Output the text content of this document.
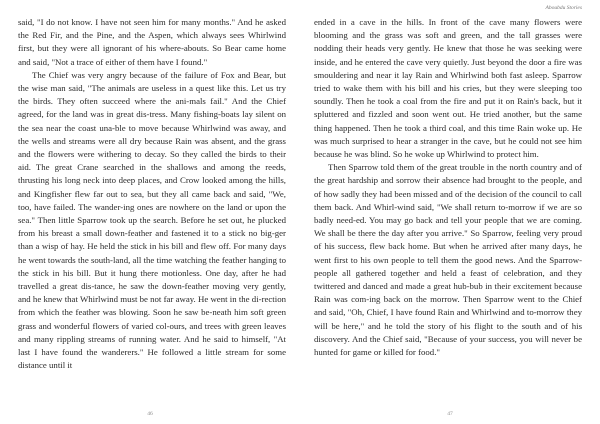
said, "I do not know. I have not seen him for many months." And he asked the Red Fir, and the Pine, and the Aspen, which always sees Whirlwind first, but they were all ignorant of his where-abouts. So Bear came home and said, "Not a trace of either of them have I found."

The Chief was very angry because of the failure of Fox and Bear, but the wise man said, "The animals are useless in a quest like this. Let us try the birds. They often succeed where the ani-mals fail." And the Chief agreed, for the land was in great dis-tress. Many fishing-boats lay silent on the sea near the coast una-ble to move because Whirlwind was away, and the wells and streams were all dry because Rain was absent, and the grass and the flowers were withering to decay. So they called the birds to their aid. The great Crane searched in the shallows and among the reeds, thrusting his long neck into deep places, and Crow looked among the hills, and Kingfisher flew far out to sea, but they all came back and said, "We, too, have failed. The wander-ing ones are nowhere on the land or upon the sea." Then little Sparrow took up the search. Before he set out, he plucked from his breast a small down-feather and fastened it to a stick no big-ger than a wisp of hay. He held the stick in his bill and flew off. For many days he went towards the south-land, all the time watching the feather hanging to the stick in his bill. But it hung there motionless. One day, after he had travelled a great dis-tance, he saw the down-feather moving very gently, and he knew that Whirlwind must be not far away. He went in the di-rection from which the feather was blowing. Soon he saw be-neath him soft green grass and wonderful flowers of varied col-ours, and trees with green leaves and many rippling streams of running water. And he said to himself, "At last I have found the wanderers." He followed a little stream for some distance until it

46
Aboubdu Stories

ended in a cave in the hills. In front of the cave many flowers were blooming and the grass was soft and green, and the tall grasses were nodding their heads very gently. He knew that those he was seeking were inside, and he entered the cave very quietly. Just beyond the door a fire was smouldering and near it lay Rain and Whirlwind both fast asleep. Sparrow tried to wake them with his bill and his cries, but they were sleeping too soundly. Then he took a coal from the fire and put it on Rain's back, but it spluttered and fizzled and soon went out. He tried another, but the same thing happened. Then he took a third coal, and this time Rain woke up. He was much surprised to hear a stranger in the cave, but he could not see him because he was blind. So he woke up Whirlwind to protect him.

Then Sparrow told them of the great trouble in the north country and of the great hardship and sorrow their absence had brought to the people, and of how sadly they had been missed and of the decision of the council to call them back. And Whirl-wind said, "We shall return to-morrow if we are so badly need-ed. You may go back and tell your people that we are coming. We shall be there the day after you arrive." So Sparrow, feeling very proud of his success, flew back home. But when he arrived after many days, he went first to his own people to tell them the good news. And the Sparrow-people all gathered together and held a feast of celebration, and they twittered and danced and made a great hub-bub in their excitement because Rain was com-ing back on the morrow. Then Sparrow went to the Chief and said, "Oh, Chief, I have found Rain and Whirlwind and to-morrow they will be here," and he told the story of his flight to the south and of his discovery. And the Chief said, "Because of your success, you will never be hunted for game or killed for food."

47
